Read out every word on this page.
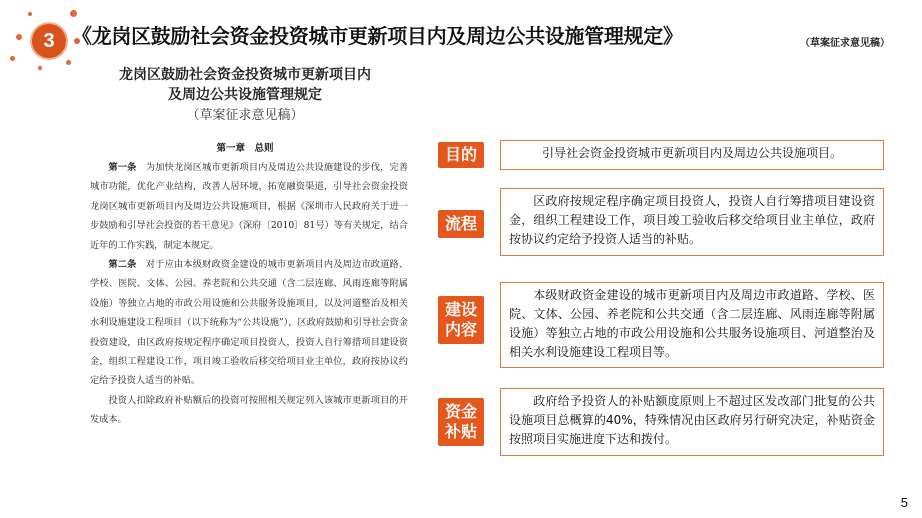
3 《龙岗区鼓励社会资金投资城市更新项目内及周边公共设施管理规定》	（草案征求意见稿）
龙岗区鼓励社会资金投资城市更新项目内
及周边公共设施管理规定
（草案征求意见稿）
第一章　总则

第一条　 为加快龙岗区城市更新项目内及周边公共设施建设的步伐，完善城市功能，优化产业结构，改善人居环境，拓宽融资渠道，引导社会资金投资龙岗区城市更新项目内及周边公共设施项目，根据《深圳市人民政府关于进一步鼓励和引导社会投资的若干意见》（深府〔2010〕81号）等有关规定，结合近年的工作实践，制定本规定。

第二条　 对于应由本级财政资金建设的城市更新项目内及周边市政道路、学校、医院、文体、公园、养老院和公共交通（含二层连廊、风雨连廊等附属设施）等独立占地的市政公用设施和公共服务设施项目，以及河道整治及相关水利设施建设工程项目（以下统称为“公共设施”），区政府鼓励和引导社会资金投资建设，由区政府按规定程序确定项目投资人，投资人自行筹措项目建设资金，组织工程建设工作，项目竣工验收后移交给项目业主单位，政府按协议约定给予投资人适当的补贴。

投资人扣除政府补贴额后的投资可按照相关规定列入该城市更新项目的开发成本。

目的	引导社会资金投资城市更新项目内及周边公共设施项目。
流程
区政府按规定程序确定项目投资人，投资人自行筹措项目建设资金，组织工程建设工作，项目竣工验收后移交给项目业主单位，政府按协议约定给予投资人适当的补贴。
建设
内容
本级财政资金建设的城市更新项目内及周边市政道路、学校、医院、文体、公园、养老院和公共交通（含二层连廊、风雨连廊等附属设施）等独立占地的市政公用设施和公共服务设施项目、河道整治及相关水利设施建设工程项目等。
资金
补贴
政府给予投资人的补贴额度原则上不超过区发改部门批复的公共设施项目总概算的40%，特殊情况由区政府另行研究决定，补贴资金按照项目实施进度下达和拨付。
5
